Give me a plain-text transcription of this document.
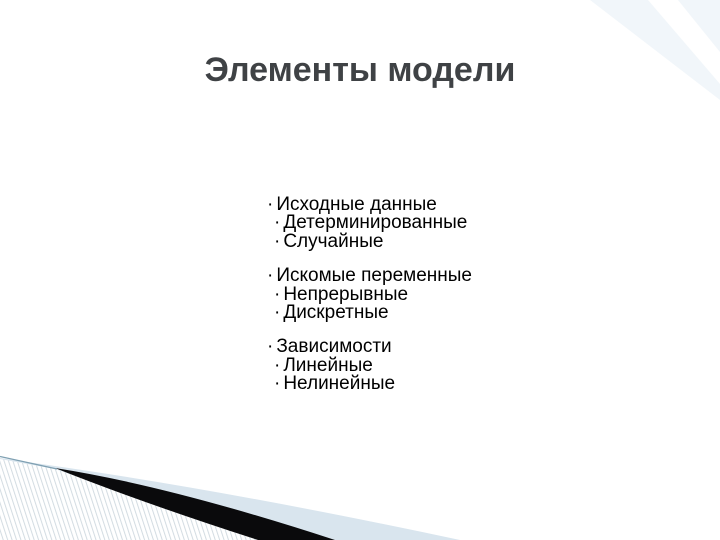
Элементы модели
· Исходные данные
· Детерминированные
· Случайные
· Искомые переменные
· Непрерывные
· Дискретные
· Зависимости
· Линейные
· Нелинейные
